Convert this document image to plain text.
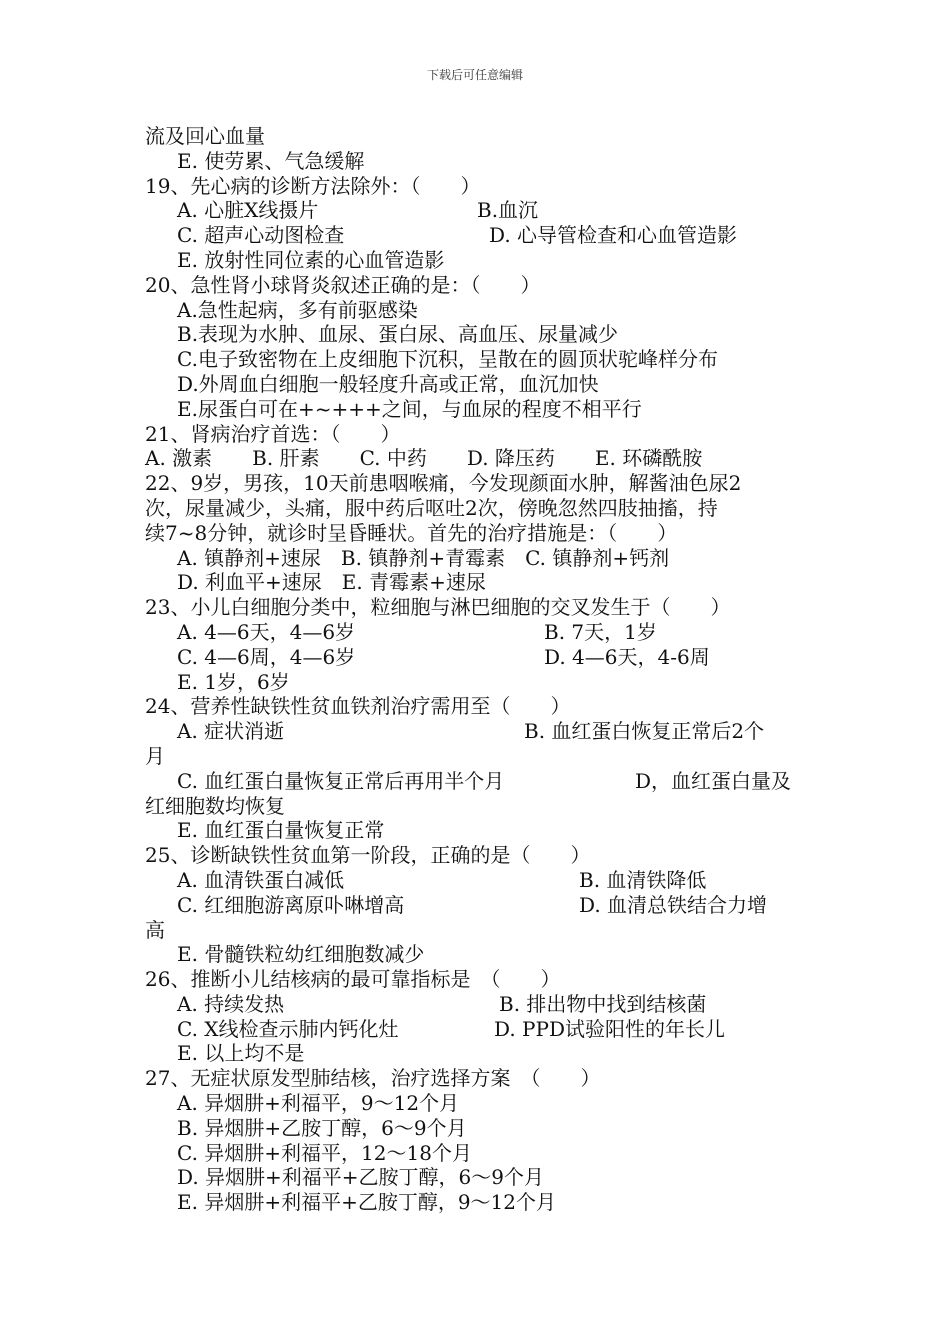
下载后可任意编辑
流及回心血量
E. 使劳累、气急缓解
19、先心病的诊断方法除外：（　　）
A. 心脏X线摄片	B.血沉
C. 超声心动图检查	D. 心导管检查和心血管造影
E. 放射性同位素的心血管造影
20、急性肾小球肾炎叙述正确的是：（　　）
A.急性起病，多有前驱感染
B.表现为水肿、血尿、蛋白尿、高血压、尿量减少
C.电子致密物在上皮细胞下沉积，呈散在的圆顶状驼峰样分布
D.外周血白细胞一般轻度升高或正常，血沉加快
E.尿蛋白可在+~+++之间，与血尿的程度不相平行
21、肾病治疗首选：（　　）
A. 激素　　B. 肝素　　C. 中药　　D. 降压药　　E. 环磷酰胺
22、9岁，男孩，10天前患咽喉痛，今发现颜面水肿，解酱油色尿2
次，尿量减少，头痛，服中药后呕吐2次，傍晚忽然四肢抽搐，持
续7~8分钟，就诊时呈昏睡状。首先的治疗措施是：（　　）
A. 镇静剂+速尿　B. 镇静剂+青霉素　C. 镇静剂+钙剂
D. 利血平+速尿　E. 青霉素+速尿
23、小儿白细胞分类中，粒细胞与淋巴细胞的交叉发生于（　　）
A. 4—6天，4—6岁	B. 7天，1岁
C. 4—6周，4—6岁	D. 4—6天，4-6周
E. 1岁，6岁
24、营养性缺铁性贫血铁剂治疗需用至（　　）
A. 症状消逝	B. 血红蛋白恢复正常后2个
月
C. 血红蛋白量恢复正常后再用半个月	D，血红蛋白量及
红细胞数均恢复
E. 血红蛋白量恢复正常
25、诊断缺铁性贫血第一阶段，正确的是（　　）
A. 血清铁蛋白减低	B. 血清铁降低
C. 红细胞游离原卟啉增高	D. 血清总铁结合力增
高
E. 骨髓铁粒幼红细胞数减少
26、推断小儿结核病的最可靠指标是　（　　）
A. 持续发热	B. 排出物中找到结核菌
C. X线检查示肺内钙化灶	D. PPD试验阳性的年长儿
E. 以上均不是
27、无症状原发型肺结核，治疗选择方案　（　　）
A. 异烟肼+利福平，9～12个月
B. 异烟肼+乙胺丁醇，6～9个月
C. 异烟肼+利福平，12～18个月
D. 异烟肼+利福平+乙胺丁醇，6～9个月
E. 异烟肼+利福平+乙胺丁醇，9～12个月
